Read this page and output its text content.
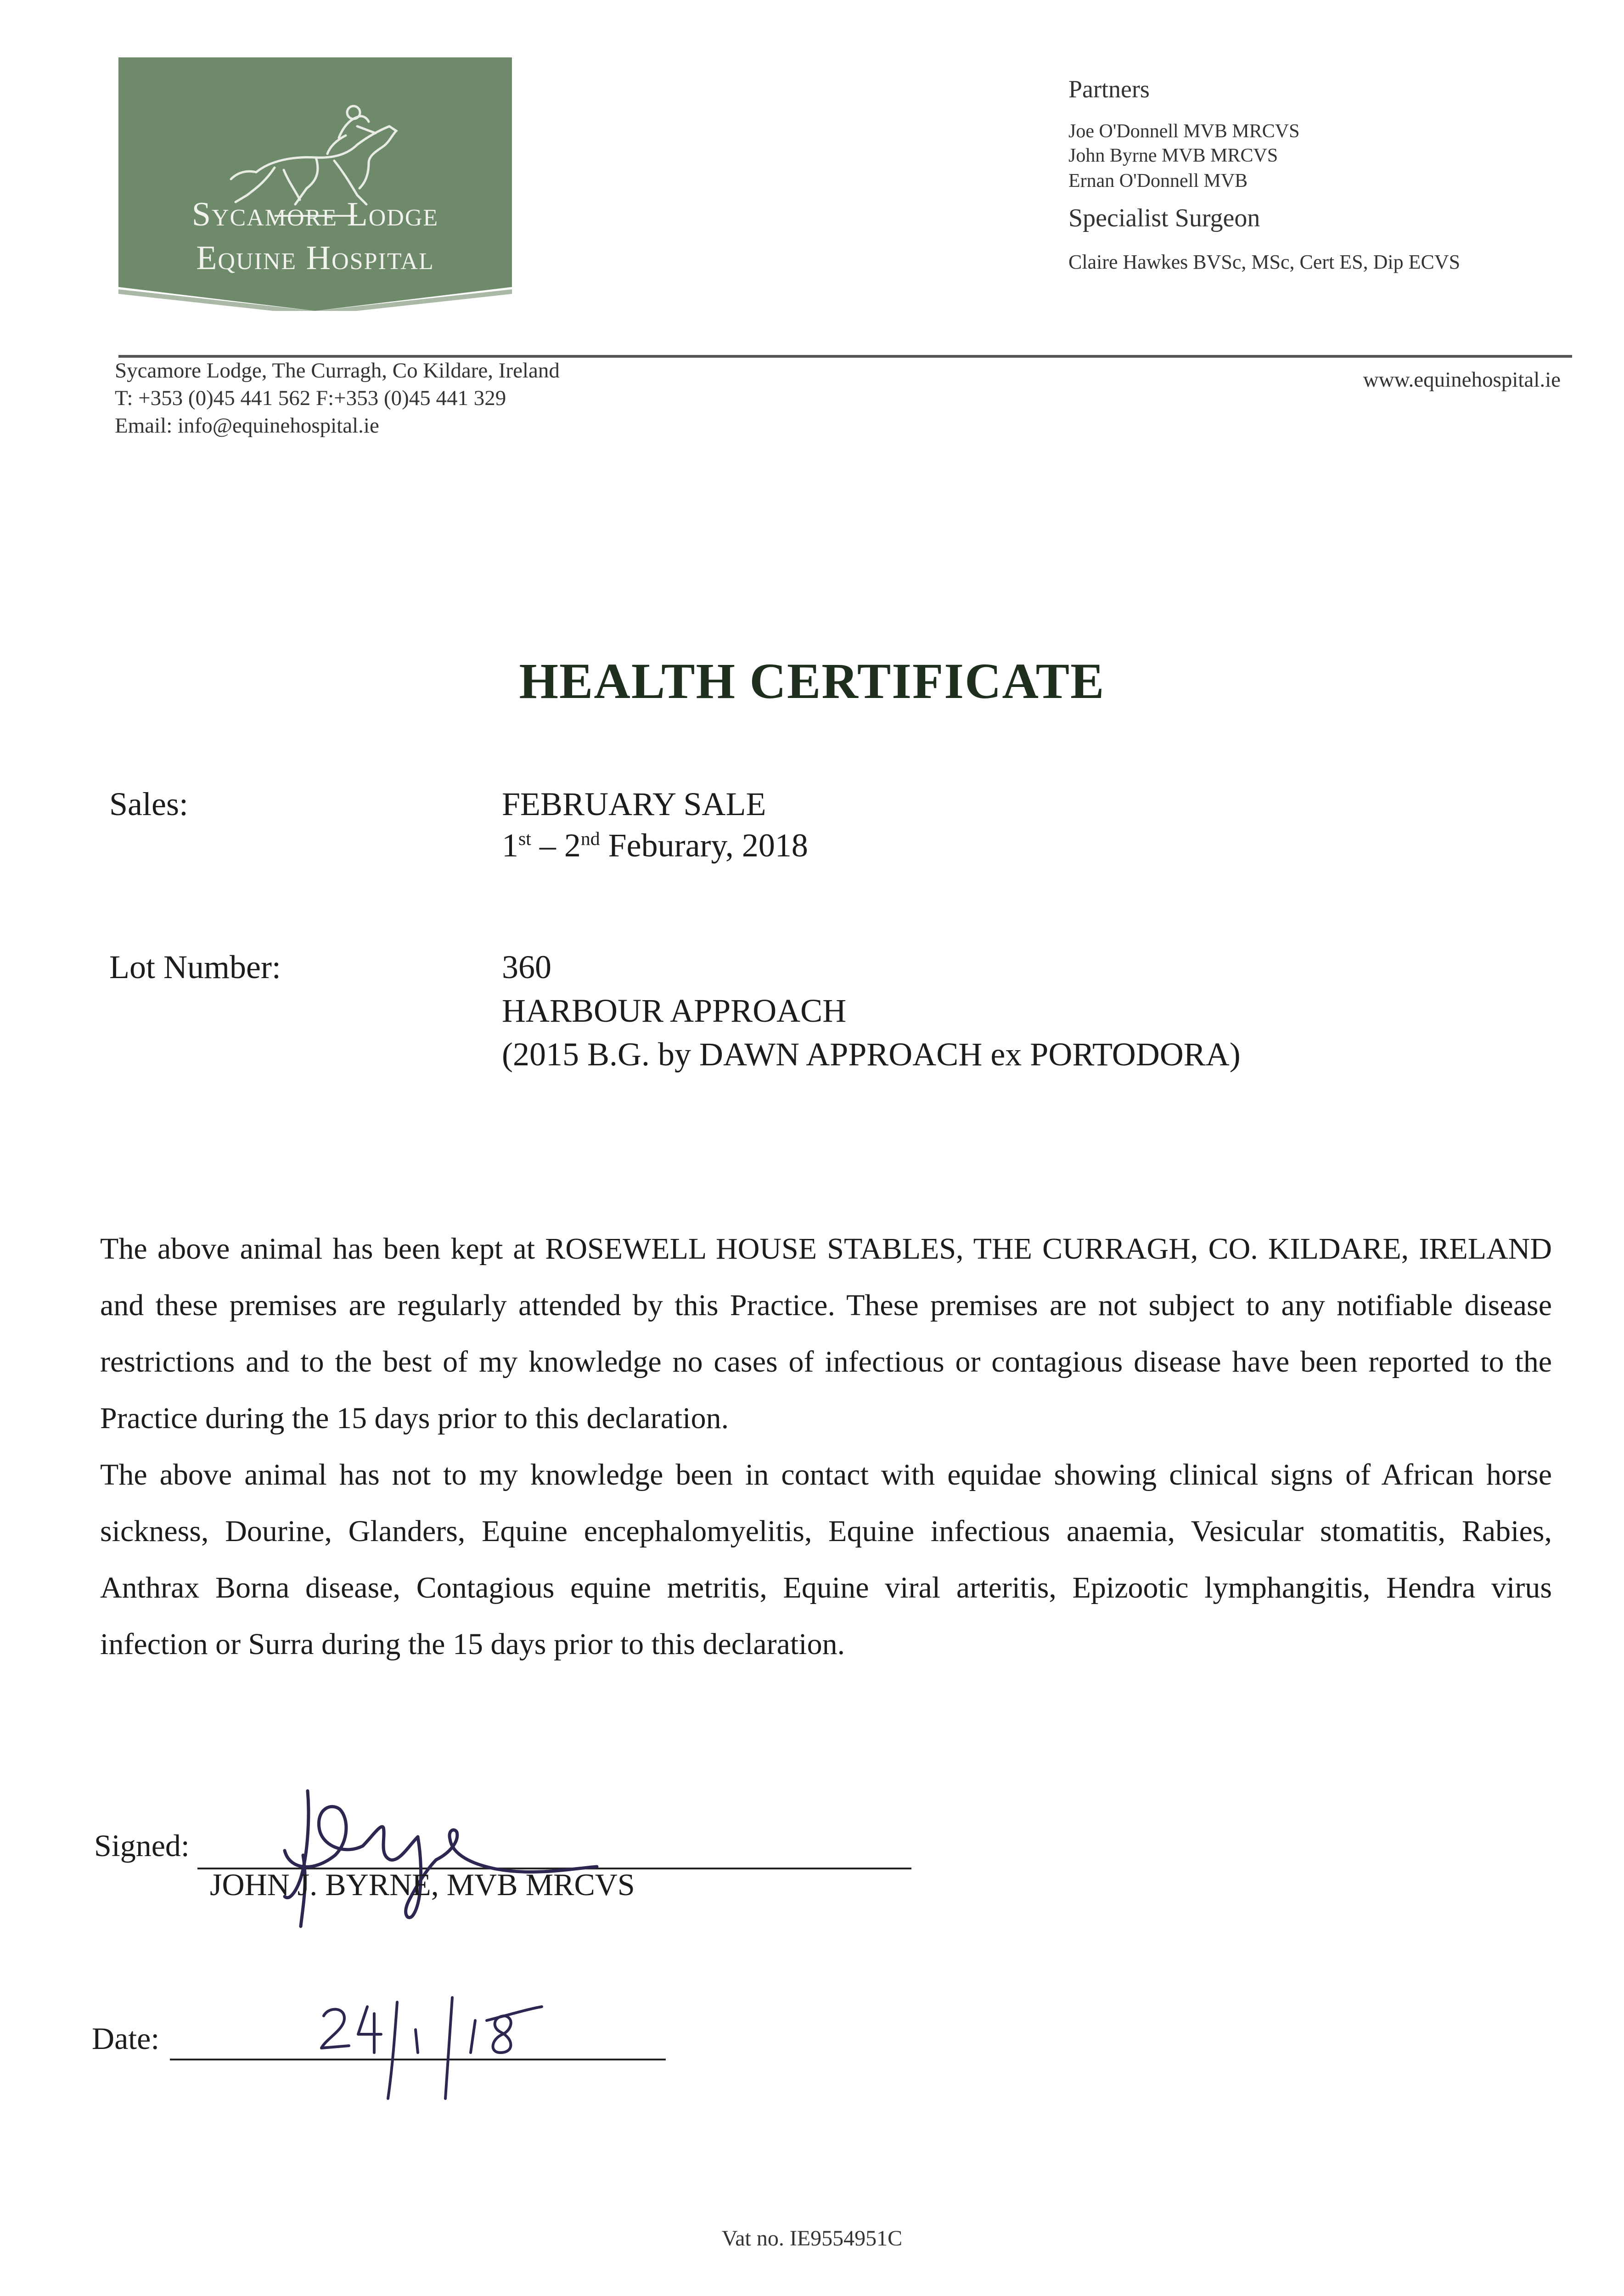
Sycamore Lodge
Equine Hospital
Partners
Joe O'Donnell MVB MRCVS
John Byrne MVB MRCVS
Ernan O'Donnell MVB
Specialist Surgeon
Claire Hawkes BVSc, MSc, Cert ES, Dip ECVS
Sycamore Lodge, The Curragh, Co Kildare, Ireland
T: +353 (0)45 441 562 F:+353 (0)45 441 329
Email: info@equinehospital.ie
www.equinehospital.ie
HEALTH CERTIFICATE
Sales:	FEBRUARY SALE
1st – 2nd Feburary, 2018
Lot Number:	360
HARBOUR APPROACH
(2015 B.G. by DAWN APPROACH ex PORTODORA)
The above animal has been kept at ROSEWELL HOUSE STABLES, THE CURRAGH, CO. KILDARE, IRELAND and these premises are regularly attended by this Practice. These premises are not subject to any notifiable disease restrictions and to the best of my knowledge no cases of infectious or contagious disease have been reported to the Practice during the 15 days prior to this declaration.
The above animal has not to my knowledge been in contact with equidae showing clinical signs of African horse sickness, Dourine, Glanders, Equine encephalomyelitis, Equine infectious anaemia, Vesicular stomatitis, Rabies, Anthrax Borna disease, Contagious equine metritis, Equine viral arteritis, Epizootic lymphangitis, Hendra virus infection or Surra during the 15 days prior to this declaration.
Signed:
JOHN J. BYRNE, MVB MRCVS
Date:
Vat no. IE9554951C
